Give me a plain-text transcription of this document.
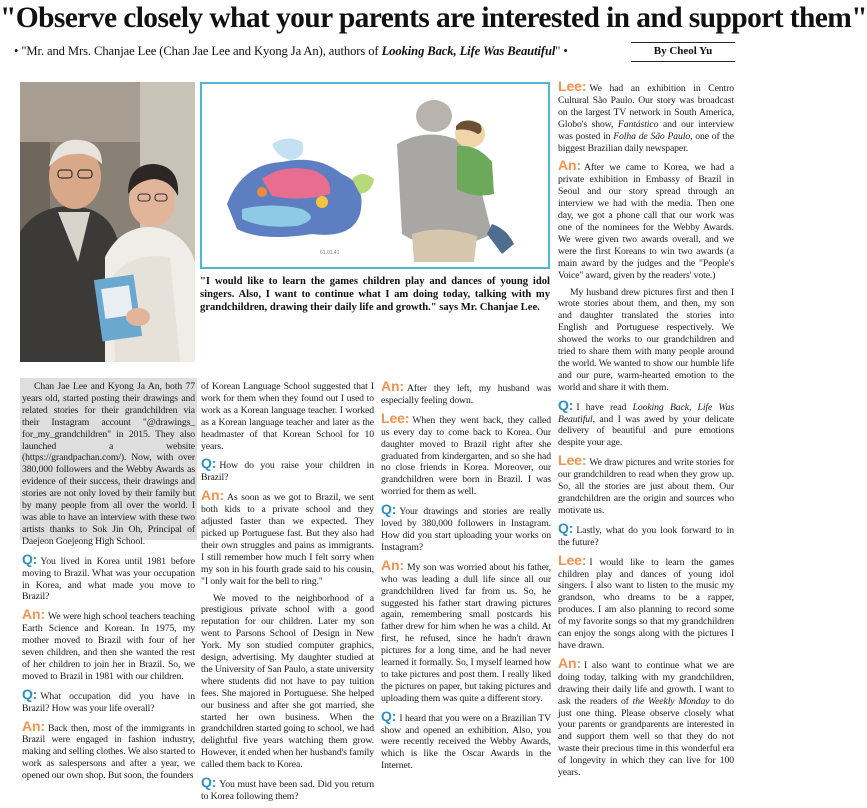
"Observe closely what your parents are interested in and support them"
• "Mr. and Mrs. Chanjae Lee (Chan Jae Lee and Kyong Ja An), authors of Looking Back, Life Was Beautiful" •	By Cheol Yu
61.01.41
"I would like to learn the games children play and dances of young idol singers. Also, I want to continue what I am doing today, talking with my grandchildren, drawing their daily life and growth." says Mr. Chanjae Lee.

Chan Jae Lee and Kyong Ja An, both 77 years old, started posting their drawings and related stories for their grandchildren via their Instagram account "@drawings_ for_my_grandchildren" in 2015. They also launched a website (https://grandpachan.com/). Now, with over 380,000 followers and the Webby Awards as evidence of their success, their drawings and stories are not only loved by their family but by many people from all over the world. I was able to have an interview with these two artists thanks to Sok Jin Oh, Principal of Daejeon Goejeong High School.

Q: You lived in Korea until 1981 before moving to Brazil. What was your occupation in Korea, and what made you move to Brazil?

An: We were high school teachers teaching Earth Science and Korean. In 1975, my mother moved to Brazil with four of her seven children, and then she wanted the rest of her children to join her in Brazil. So, we moved to Brazil in 1981 with our children.

Q: What occupation did you have in Brazil? How was your life overall?

An: Back then, most of the immigrants in Brazil were engaged in fashion industry, making and selling clothes. We also started to work as salespersons and after a year, we opened our own shop. But soon, the founders

of Korean Language School suggested that I work for them when they found out I used to work as a Korean language teacher. I worked as a Korean language teacher and later as the headmaster of that Korean School for 10 years.

Q: How do you raise your children in Brazil?

An: As soon as we got to Brazil, we sent both kids to a private school and they adjusted faster than we expected. They picked up Portuguese fast. But they also had their own struggles and pains as immigrants. I still remember how much I felt sorry when my son in his fourth grade said to his cousin, "I only wait for the bell to ring."

We moved to the neighborhood of a prestigious private school with a good reputation for our children. Later my son went to Parsons School of Design in New York. My son studied computer graphics, design, advertising. My daughter studied at the University of San Paulo, a state university where students did not have to pay tuition fees. She majored in Portuguese. She helped our business and after she got married, she started her own business. When the grandchildren started going to school, we had delightful five years watching them grow. However, it ended when her husband's family called them back to Korea.

Q: You must have been sad. Did you return to Korea following them?

An: After they left, my husband was especially feeling down.

Lee: When they went back, they called us every day to come back to Korea. Our daughter moved to Brazil right after she graduated from kindergarten, and so she had no close friends in Korea. Moreover, our grandchildren were born in Brazil. I was worried for them as well.

Q: Your drawings and stories are really loved by 380,000 followers in Instagram. How did you start uploading your works on Instagram?

An: My son was worried about his father, who was leading a dull life since all our grandchildren lived far from us. So, he suggested his father start drawing pictures again, remembering small postcards his father drew for him when he was a child. At first, he refused, since he hadn't drawn pictures for a long time, and he had never learned it formally. So, I myself learned how to take pictures and post them. I really liked the pictures on paper, but taking pictures and uploading them was quite a different story.

Q: I heard that you were on a Brazilian TV show and opened an exhibition. Also, you were recently received the Webby Awards, which is like the Oscar Awards in the Internet.

Lee: We had an exhibition in Centro Cultural São Paulo. Our story was broadcast on the largest TV network in South America, Globo's show, Fantástico and our interview was posted in Folha de São Paulo, one of the biggest Brazilian daily newspaper.

An: After we came to Korea, we had a private exhibition in Embassy of Brazil in Seoul and our story spread through an interview we had with the media. Then one day, we got a phone call that our work was one of the nominees for the Webby Awards. We were given two awards overall, and we were the first Koreans to win two awards (a main award by the judges and the "People's Voice" award, given by the readers' vote.)

My husband drew pictures first and then I wrote stories about them, and then, my son and daughter translated the stories into English and Portuguese respectively. We showed the works to our grandchildren and tried to share them with many people around the world. We wanted to show our humble life and our pure, warm-hearted emotion to the world and share it with them.

Q: I have read Looking Back, Life Was Beautiful, and I was awed by your delicate delivery of beautiful and pure emotions despite your age.

Lee: We draw pictures and write stories for our grandchildren to read when they grow up. So, all the stories are just about them. Our grandchildren are the origin and sources who motivate us.

Q: Lastly, what do you look forward to in the future?

Lee: I would like to learn the games children play and dances of young idol singers. I also want to listen to the music my grandson, who dreams to be a rapper, produces. I am also planning to record some of my favorite songs so that my grandchildren can enjoy the songs along with the pictures I have drawn.

An: I also want to continue what we are doing today, talking with my grandchildren, drawing their daily life and growth. I want to ask the readers of the Weekly Monday to do just one thing. Please observe closely what your parents or grandparents are interested in and support them well so that they do not waste their precious time in this wonderful era of longevity in which they can live for 100 years.
